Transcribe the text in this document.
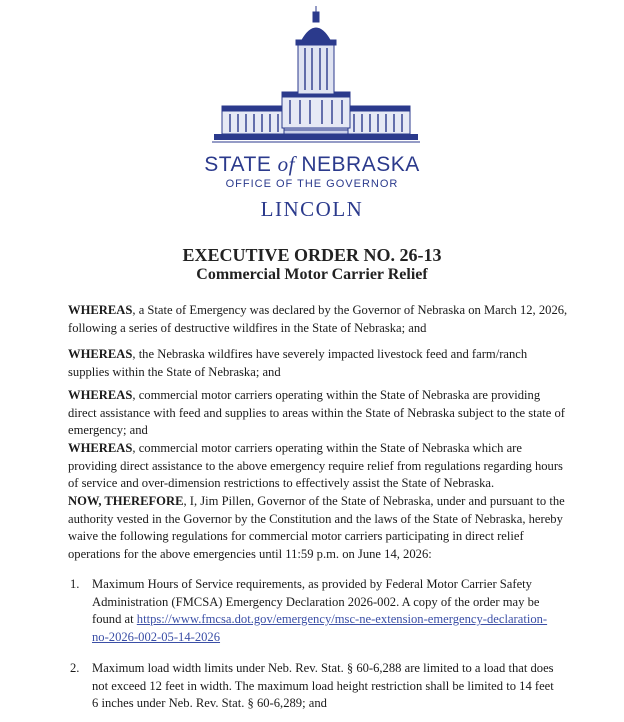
STATE of NEBRASKA
OFFICE OF THE GOVERNOR
LINCOLN
EXECUTIVE ORDER NO. 26-13
Commercial Motor Carrier Relief
WHEREAS, a State of Emergency was declared by the Governor of Nebraska on March 12, 2026, following a series of destructive wildfires in the State of Nebraska; and
WHEREAS, the Nebraska wildfires have severely impacted livestock feed and farm/ranch supplies within the State of Nebraska; and
WHEREAS, commercial motor carriers operating within the State of Nebraska are providing direct assistance with feed and supplies to areas within the State of Nebraska subject to the state of emergency; and
WHEREAS, commercial motor carriers operating within the State of Nebraska which are providing direct assistance to the above emergency require relief from regulations regarding hours of service and over-dimension restrictions to effectively assist the State of Nebraska.
NOW, THEREFORE, I, Jim Pillen, Governor of the State of Nebraska, under and pursuant to the authority vested in the Governor by the Constitution and the laws of the State of Nebraska, hereby waive the following regulations for commercial motor carriers participating in direct relief operations for the above emergencies until 11:59 p.m. on June 14, 2026:
1. Maximum Hours of Service requirements, as provided by Federal Motor Carrier Safety Administration (FMCSA) Emergency Declaration 2026-002. A copy of the order may be found at https://www.fmcsa.dot.gov/emergency/msc-ne-extension-emergency-declaration-no-2026-002-05-14-2026
2. Maximum load width limits under Neb. Rev. Stat. § 60-6,288 are limited to a load that does not exceed 12 feet in width. The maximum load height restriction shall be limited to 14 feet 6 inches under Neb. Rev. Stat. § 60-6,289; and
